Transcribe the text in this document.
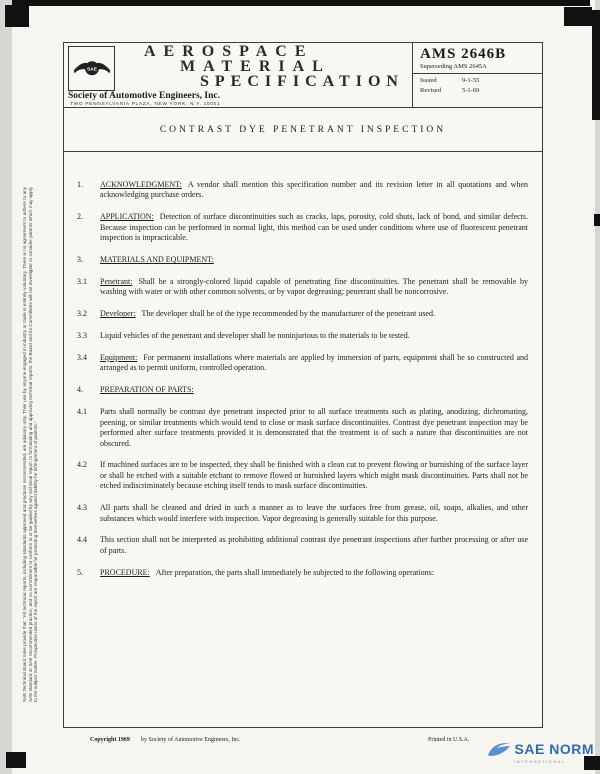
SAE Technical Board rules provide that: "All technical reports, including standards approved and practices recommended, are advisory only. Their use by anyone engaged in industry or trade is entirely voluntary. There is no agreement to adhere to any SAE standard or SAE recommended practice, and no commitment to conform to or be guided by any technical report. In formulating and approving technical reports, the Board and its Committees will not investigate or consider patents which may apply to the subject matter. Prospective users of the report are responsible for protecting themselves against liability for infringement of patents."
SAE
AEROSPACE
MATERIAL
SPECIFICATION
Society of Automotive Engineers, Inc.
TWO PENNSYLVANIA PLAZA, NEW YORK, N.Y. 10001
AMS 2646B
Superseding AMS 2645A
Issued	9-1-55
Revised	5-1-69
CONTRAST DYE PENETRANT INSPECTION
1.	ACKNOWLEDGMENT: A vendor shall mention this specification number and its revision letter in all quotations and when acknowledging purchase orders.
2.	APPLICATION: Detection of surface discontinuities such as cracks, laps, porosity, cold shuts, lack of bond, and similar defects. Because inspection can be performed in normal light, this method can be used under conditions where use of fluorescent penetrant inspection is impracticable.
3.	MATERIALS AND EQUIPMENT:
3.1	Penetrant: Shall be a strongly-colored liquid capable of penetrating fine discontinuities. The penetrant shall be removable by washing with water or with other common solvents, or by vapor degreasing; penetrant shall be noncorrosive.
3.2	Developer: The developer shall be of the type recommended by the manufacturer of the penetrant used.
3.3	Liquid vehicles of the penetrant and developer shall be noninjurious to the materials to be tested.
3.4	Equipment: For permanent installations where materials are applied by immersion of parts, equipment shall be so constructed and arranged as to permit uniform, controlled operation.
4.	PREPARATION OF PARTS:
4.1	Parts shall normally be contrast dye penetrant inspected prior to all surface treatments such as plating, anodizing, dichromating, peening, or similar treatments which would tend to close or mask surface discontinuities. Contrast dye penetrant inspection may be performed after surface treatments provided it is demonstrated that the treatment is of such a nature that discontinuities are not obscured.
4.2	If machined surfaces are to be inspected, they shall be finished with a clean cut to prevent flowing or burnishing of the surface layer or shall be etched with a suitable etchant to remove flowed or burnished layers which might mask discontinuities. Parts shall not be etched indiscriminately because etching itself tends to mask surface discontinuities.
4.3	All parts shall be cleaned and dried in such a manner as to leave the surfaces free from grease, oil, soaps, alkalies, and other substances which would interfere with inspection. Vapor degreasing is generally suitable for this purpose.
4.4	This section shall not be interpreted as prohibiting additional contrast dye penetrant inspections after further processing or after use of parts.
5.	PROCEDURE: After preparation, the parts shall immediately be subjected to the following operations:
Copyright 1969 by Society of Automotive Engineers, Inc.	Printed in U.S.A.
SAE NORM
INTERNATIONAL
